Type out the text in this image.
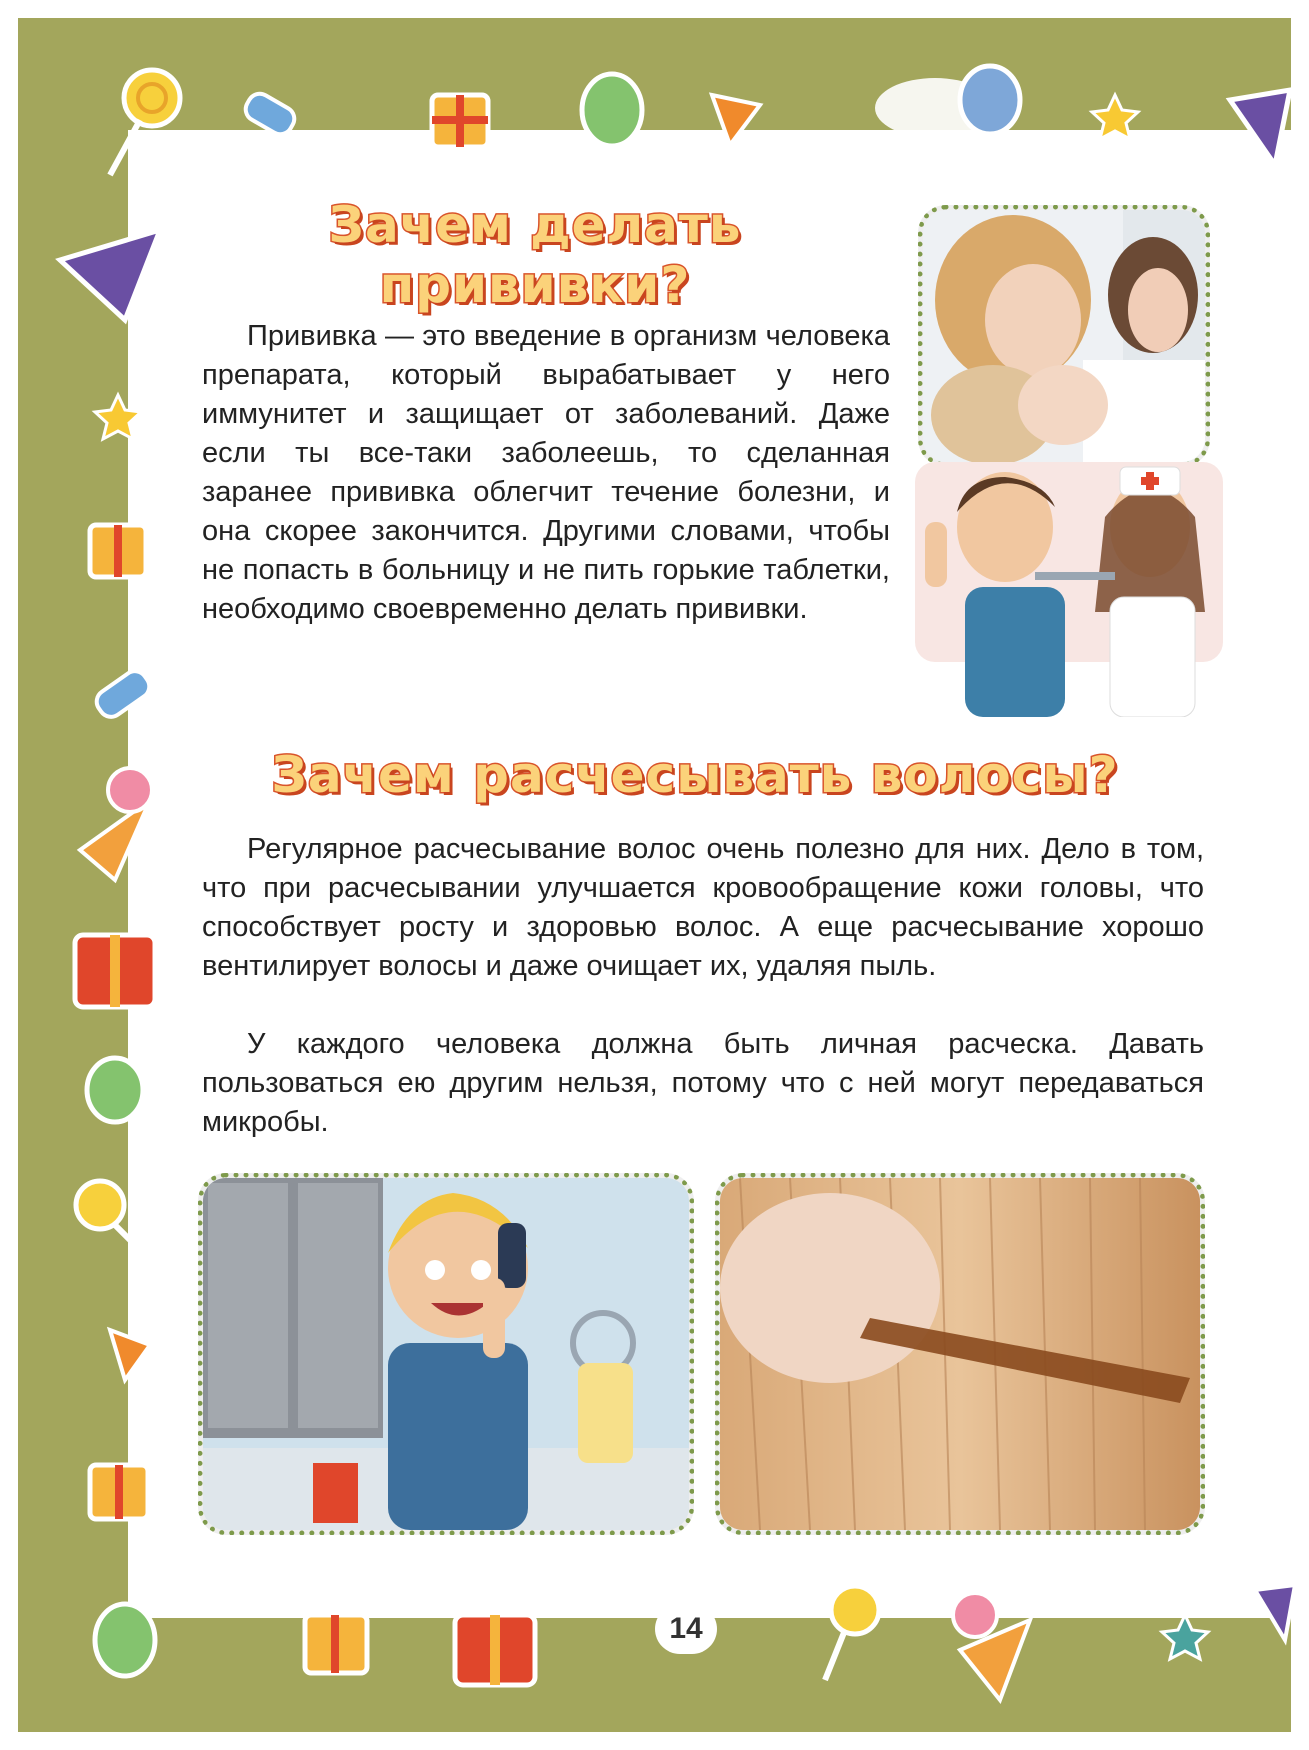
Зачем делать прививки?
Зачем расчесывать волосы?

Прививка — это введение в организм человека препарата, который вырабатывает у него иммунитет и защищает от заболеваний. Даже если ты все-таки заболеешь, то сделанная заранее прививка облегчит течение болезни, и она скорее закончится. Другими словами, чтобы не попасть в больницу и не пить горькие таблетки, необходимо своевременно делать прививки.

Регулярное расчесывание волос очень полезно для них. Дело в том, что при расчесывании улучшается кровообращение кожи головы, что способствует росту и здоровью волос. А еще расчесывание хорошо вентилирует волосы и даже очищает их, удаляя пыль.

У каждого человека должна быть личная расческа. Давать пользоваться ею другим нельзя, потому что с ней могут передаваться микробы.

14
